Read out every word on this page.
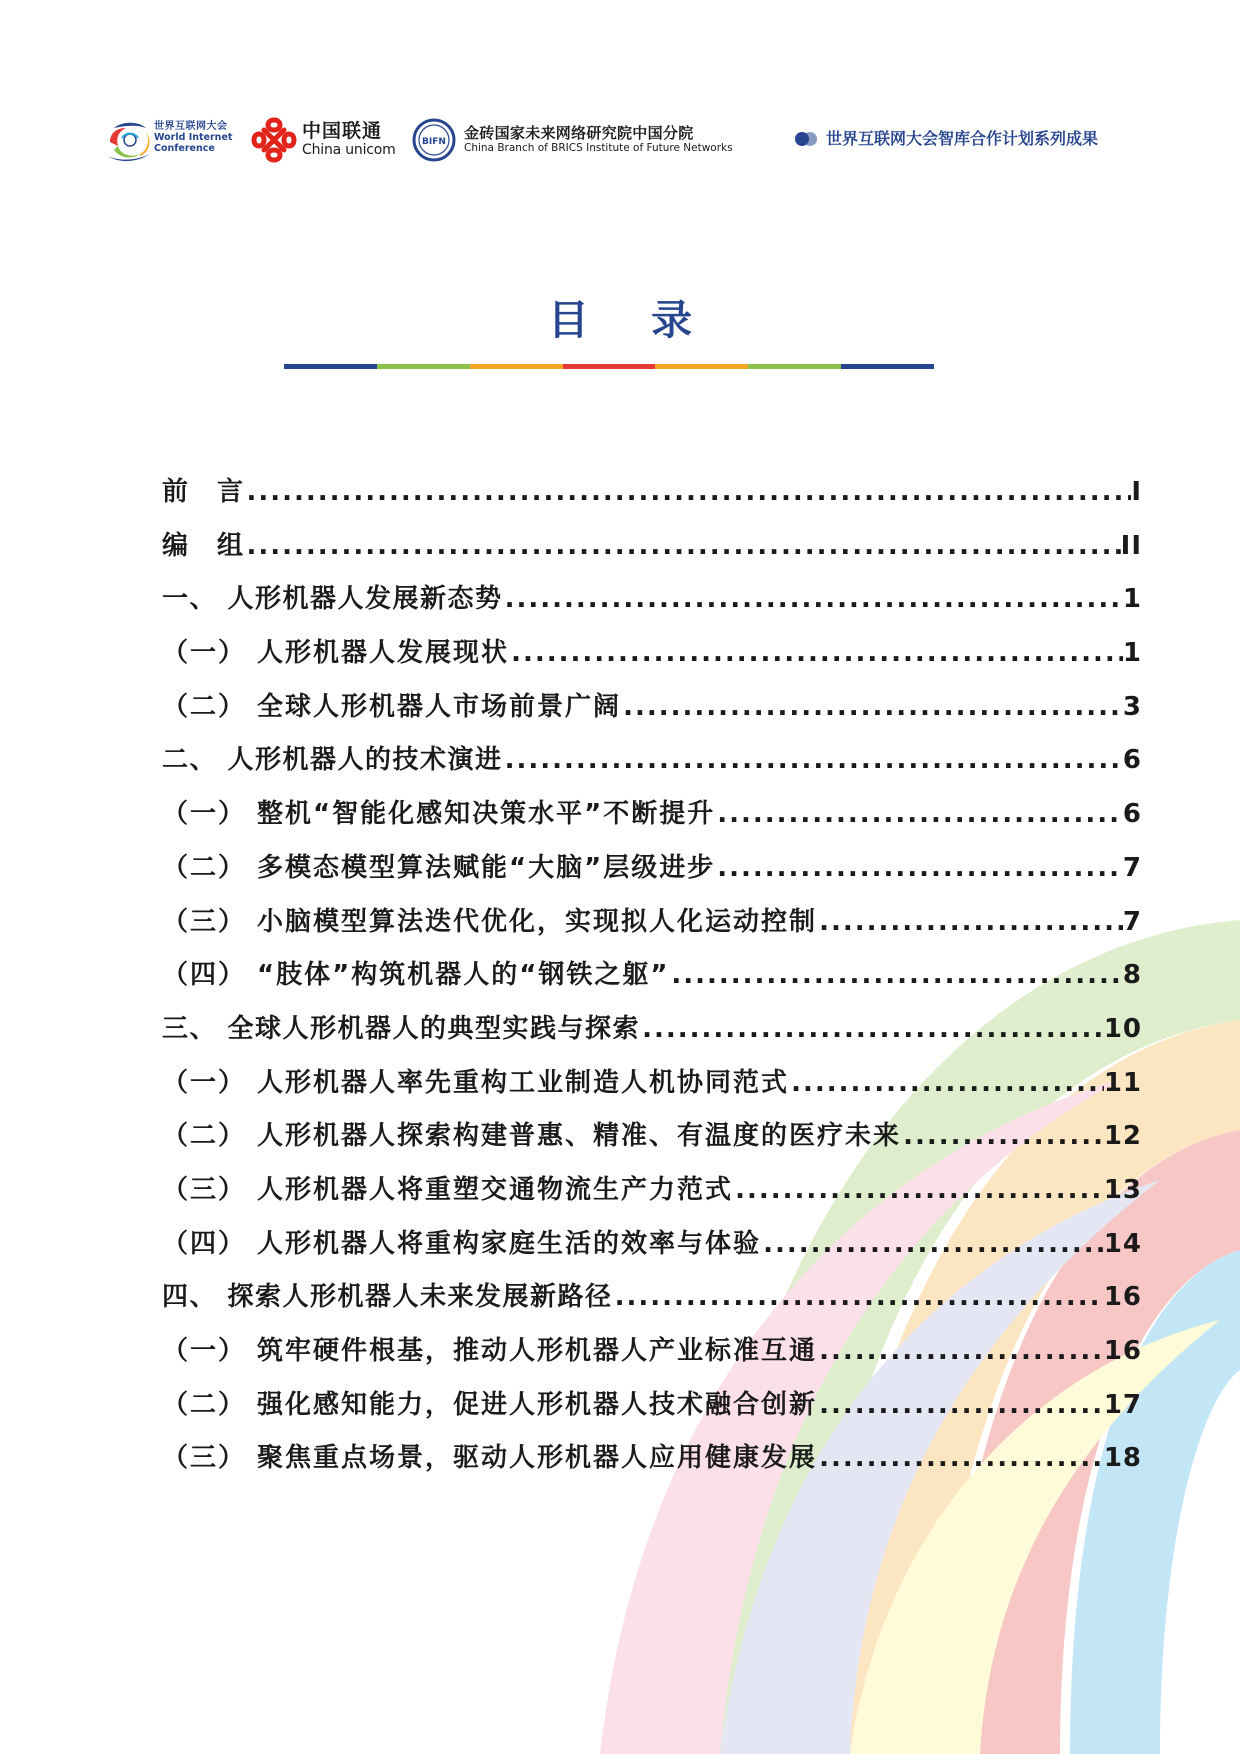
世界互联网大会
World Internet
Conference
中国联通
China unicom	BIFN 金砖国家未来网络研究院中国分院
China Branch of BRICS Institute of Future Networks	世界互联网大会智库合作计划系列成果
目 录
前　言 .....	I
编　组 .....	II
一、 人形机器人发展新态势 .....	1
（一） 人形机器人发展现状 .....	1
（二） 全球人形机器人市场前景广阔 .....	3
二、 人形机器人的技术演进 .....	6
（一） 整机“智能化感知决策水平”不断提升 .....	6
（二） 多模态模型算法赋能“大脑”层级进步 .....	7
（三） 小脑模型算法迭代优化，实现拟人化运动控制 .....	7
（四） “肢体”构筑机器人的“钢铁之躯” .....	8
三、 全球人形机器人的典型实践与探索 .....	10
（一） 人形机器人率先重构工业制造人机协同范式 .....	11
（二） 人形机器人探索构建普惠、精准、有温度的医疗未来 .....	12
（三） 人形机器人将重塑交通物流生产力范式 .....	13
（四） 人形机器人将重构家庭生活的效率与体验 .....	14
四、 探索人形机器人未来发展新路径 .....	16
（一） 筑牢硬件根基，推动人形机器人产业标准互通 .....	16
（二） 强化感知能力，促进人形机器人技术融合创新 .....	17
（三） 聚焦重点场景，驱动人形机器人应用健康发展 .....	18
